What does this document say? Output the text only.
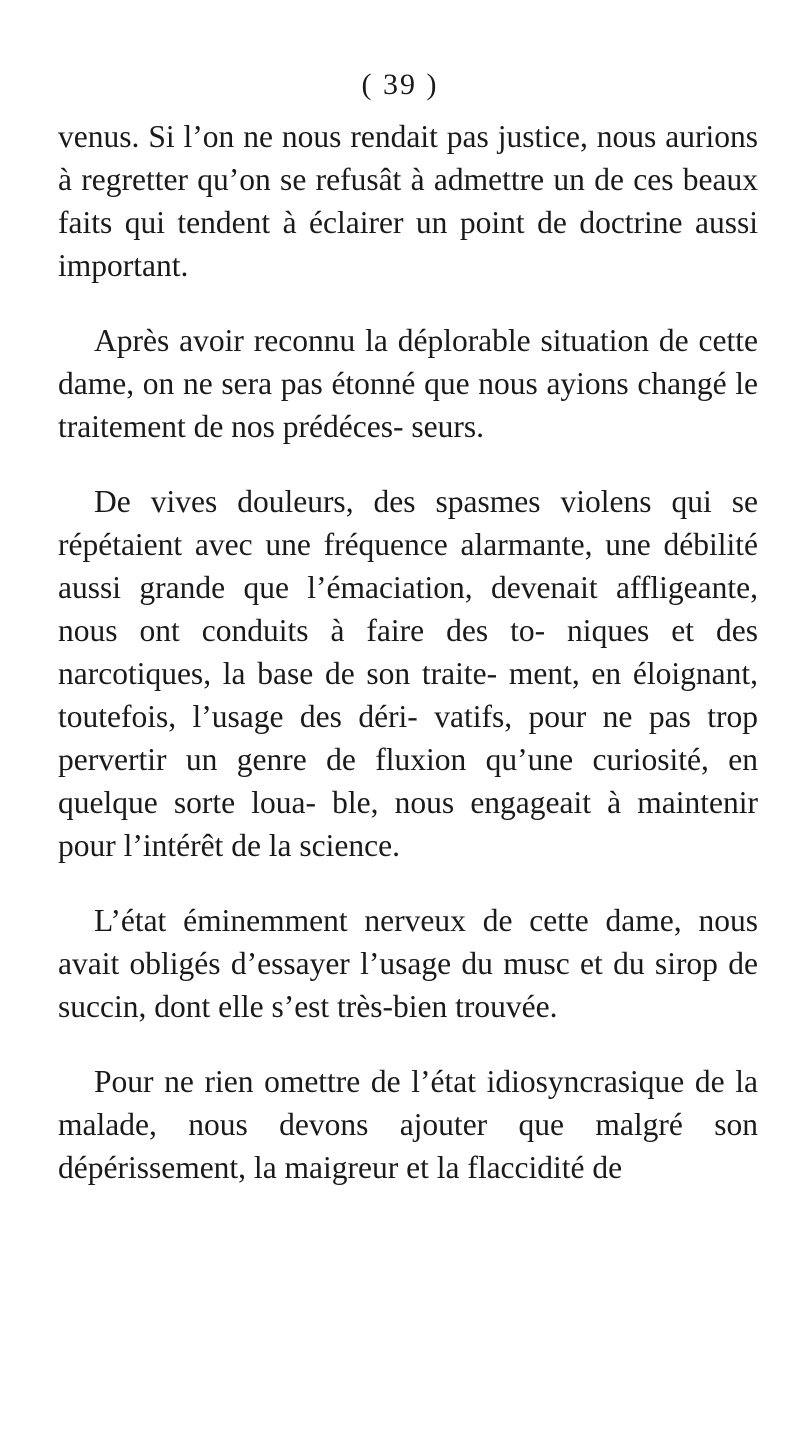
( 39 )

venus. Si l’on ne nous rendait pas justice, nous aurions à regretter qu’on se refusât à admettre un de ces beaux faits qui tendent à éclairer un point de doctrine aussi important.

Après avoir reconnu la déplorable situation de cette dame, on ne sera pas étonné que nous ayions changé le traitement de nos prédéces- seurs.

De vives douleurs, des spasmes violens qui se répétaient avec une fréquence alarmante, une débilité aussi grande que l’émaciation, devenait affligeante, nous ont conduits à faire des to- niques et des narcotiques, la base de son traite- ment, en éloignant, toutefois, l’usage des déri- vatifs, pour ne pas trop pervertir un genre de fluxion qu’une curiosité, en quelque sorte loua- ble, nous engageait à maintenir pour l’intérêt de la science.

L’état éminemment nerveux de cette dame, nous avait obligés d’essayer l’usage du musc et du sirop de succin, dont elle s’est très-bien trouvée.

Pour ne rien omettre de l’état idiosyncrasique de la malade, nous devons ajouter que malgré son dépérissement, la maigreur et la flaccidité de
